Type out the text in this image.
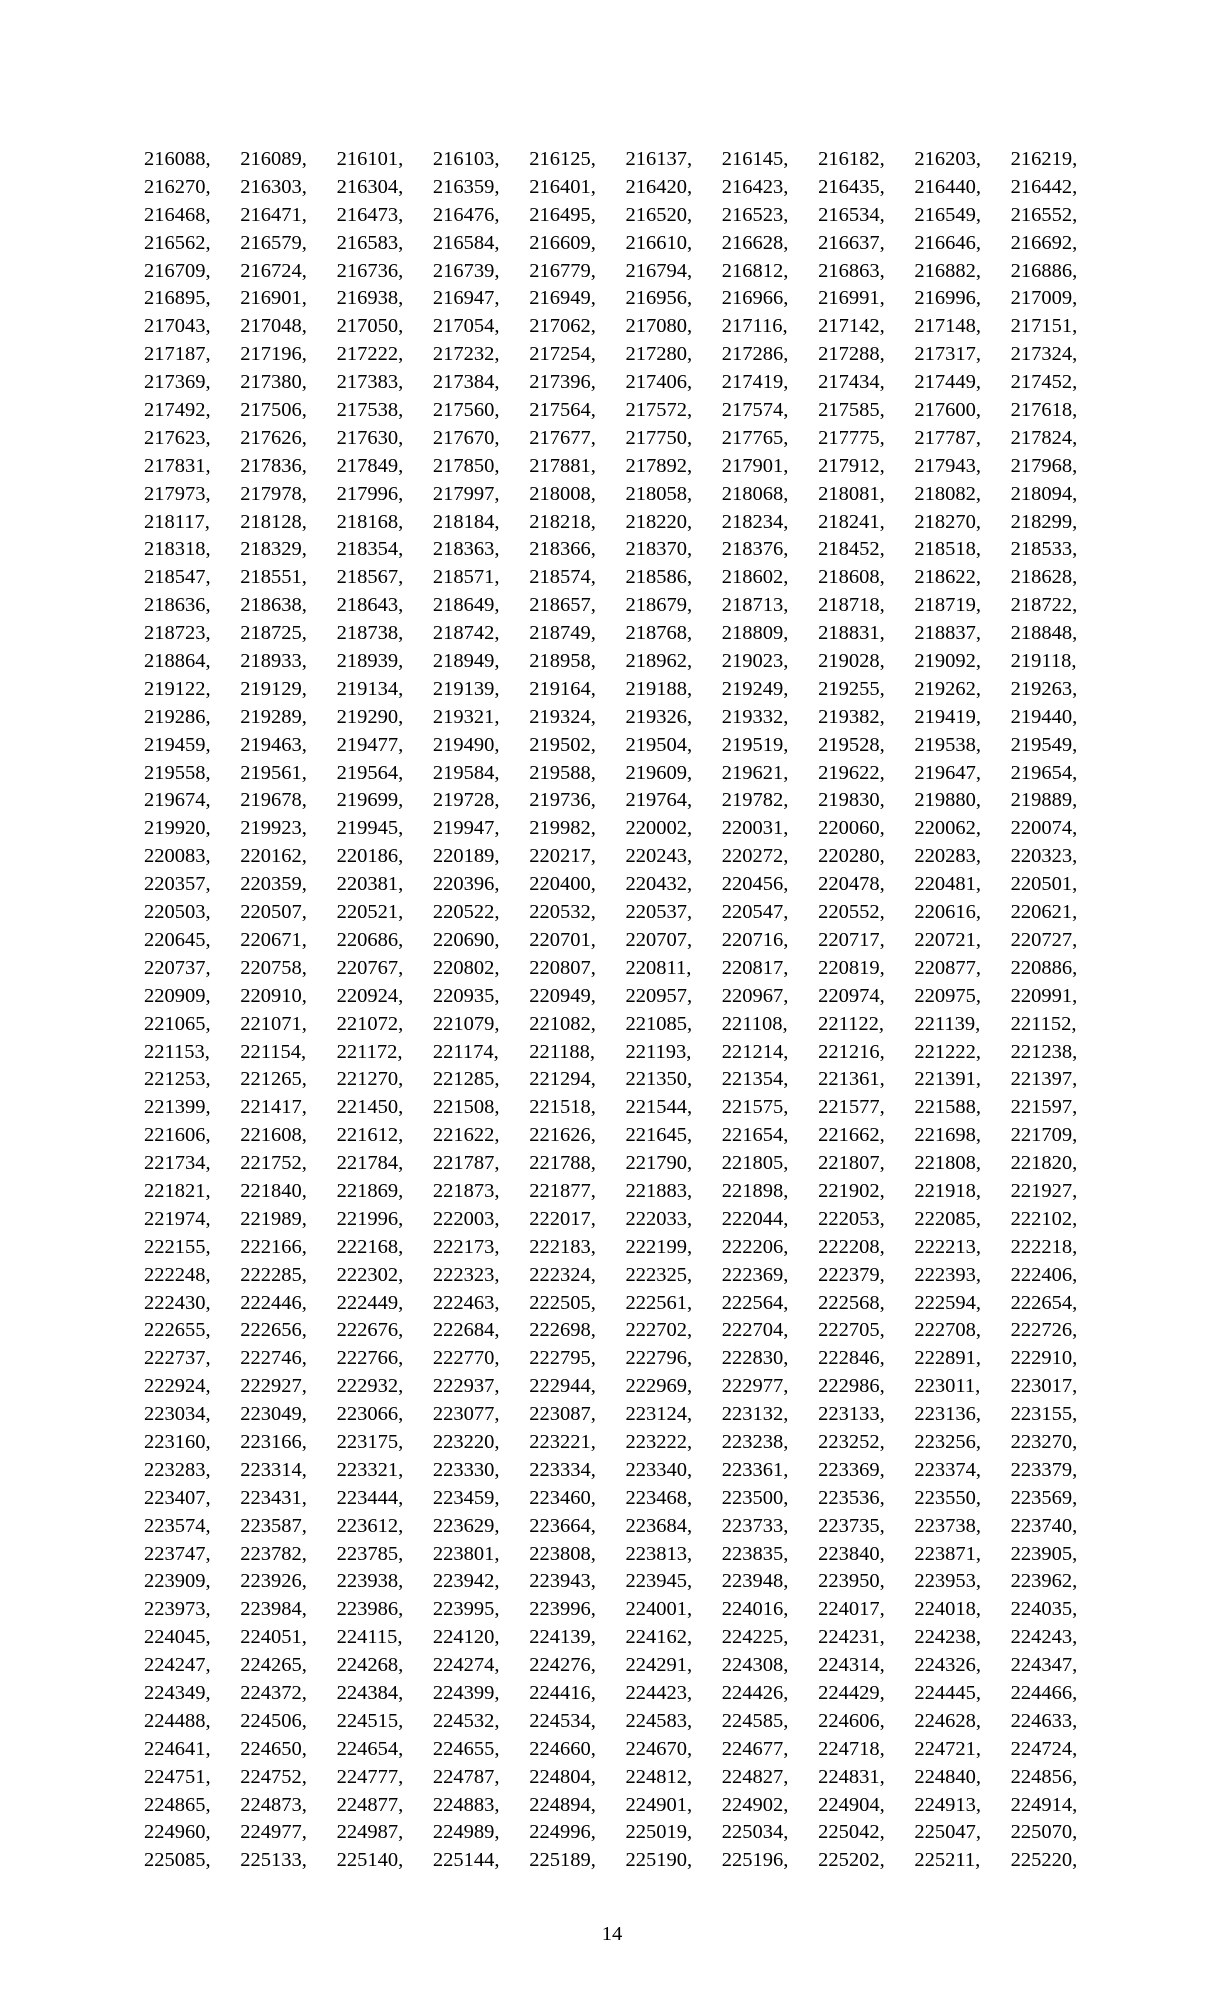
216088,	216089,	216101,	216103,	216125,	216137,	216145,	216182,	216203,	216219,
216270,	216303,	216304,	216359,	216401,	216420,	216423,	216435,	216440,	216442,
216468,	216471,	216473,	216476,	216495,	216520,	216523,	216534,	216549,	216552,
216562,	216579,	216583,	216584,	216609,	216610,	216628,	216637,	216646,	216692,
216709,	216724,	216736,	216739,	216779,	216794,	216812,	216863,	216882,	216886,
216895,	216901,	216938,	216947,	216949,	216956,	216966,	216991,	216996,	217009,
217043,	217048,	217050,	217054,	217062,	217080,	217116,	217142,	217148,	217151,
217187,	217196,	217222,	217232,	217254,	217280,	217286,	217288,	217317,	217324,
217369,	217380,	217383,	217384,	217396,	217406,	217419,	217434,	217449,	217452,
217492,	217506,	217538,	217560,	217564,	217572,	217574,	217585,	217600,	217618,
217623,	217626,	217630,	217670,	217677,	217750,	217765,	217775,	217787,	217824,
217831,	217836,	217849,	217850,	217881,	217892,	217901,	217912,	217943,	217968,
217973,	217978,	217996,	217997,	218008,	218058,	218068,	218081,	218082,	218094,
218117,	218128,	218168,	218184,	218218,	218220,	218234,	218241,	218270,	218299,
218318,	218329,	218354,	218363,	218366,	218370,	218376,	218452,	218518,	218533,
218547,	218551,	218567,	218571,	218574,	218586,	218602,	218608,	218622,	218628,
218636,	218638,	218643,	218649,	218657,	218679,	218713,	218718,	218719,	218722,
218723,	218725,	218738,	218742,	218749,	218768,	218809,	218831,	218837,	218848,
218864,	218933,	218939,	218949,	218958,	218962,	219023,	219028,	219092,	219118,
219122,	219129,	219134,	219139,	219164,	219188,	219249,	219255,	219262,	219263,
219286,	219289,	219290,	219321,	219324,	219326,	219332,	219382,	219419,	219440,
219459,	219463,	219477,	219490,	219502,	219504,	219519,	219528,	219538,	219549,
219558,	219561,	219564,	219584,	219588,	219609,	219621,	219622,	219647,	219654,
219674,	219678,	219699,	219728,	219736,	219764,	219782,	219830,	219880,	219889,
219920,	219923,	219945,	219947,	219982,	220002,	220031,	220060,	220062,	220074,
220083,	220162,	220186,	220189,	220217,	220243,	220272,	220280,	220283,	220323,
220357,	220359,	220381,	220396,	220400,	220432,	220456,	220478,	220481,	220501,
220503,	220507,	220521,	220522,	220532,	220537,	220547,	220552,	220616,	220621,
220645,	220671,	220686,	220690,	220701,	220707,	220716,	220717,	220721,	220727,
220737,	220758,	220767,	220802,	220807,	220811,	220817,	220819,	220877,	220886,
220909,	220910,	220924,	220935,	220949,	220957,	220967,	220974,	220975,	220991,
221065,	221071,	221072,	221079,	221082,	221085,	221108,	221122,	221139,	221152,
221153,	221154,	221172,	221174,	221188,	221193,	221214,	221216,	221222,	221238,
221253,	221265,	221270,	221285,	221294,	221350,	221354,	221361,	221391,	221397,
221399,	221417,	221450,	221508,	221518,	221544,	221575,	221577,	221588,	221597,
221606,	221608,	221612,	221622,	221626,	221645,	221654,	221662,	221698,	221709,
221734,	221752,	221784,	221787,	221788,	221790,	221805,	221807,	221808,	221820,
221821,	221840,	221869,	221873,	221877,	221883,	221898,	221902,	221918,	221927,
221974,	221989,	221996,	222003,	222017,	222033,	222044,	222053,	222085,	222102,
222155,	222166,	222168,	222173,	222183,	222199,	222206,	222208,	222213,	222218,
222248,	222285,	222302,	222323,	222324,	222325,	222369,	222379,	222393,	222406,
222430,	222446,	222449,	222463,	222505,	222561,	222564,	222568,	222594,	222654,
222655,	222656,	222676,	222684,	222698,	222702,	222704,	222705,	222708,	222726,
222737,	222746,	222766,	222770,	222795,	222796,	222830,	222846,	222891,	222910,
222924,	222927,	222932,	222937,	222944,	222969,	222977,	222986,	223011,	223017,
223034,	223049,	223066,	223077,	223087,	223124,	223132,	223133,	223136,	223155,
223160,	223166,	223175,	223220,	223221,	223222,	223238,	223252,	223256,	223270,
223283,	223314,	223321,	223330,	223334,	223340,	223361,	223369,	223374,	223379,
223407,	223431,	223444,	223459,	223460,	223468,	223500,	223536,	223550,	223569,
223574,	223587,	223612,	223629,	223664,	223684,	223733,	223735,	223738,	223740,
223747,	223782,	223785,	223801,	223808,	223813,	223835,	223840,	223871,	223905,
223909,	223926,	223938,	223942,	223943,	223945,	223948,	223950,	223953,	223962,
223973,	223984,	223986,	223995,	223996,	224001,	224016,	224017,	224018,	224035,
224045,	224051,	224115,	224120,	224139,	224162,	224225,	224231,	224238,	224243,
224247,	224265,	224268,	224274,	224276,	224291,	224308,	224314,	224326,	224347,
224349,	224372,	224384,	224399,	224416,	224423,	224426,	224429,	224445,	224466,
224488,	224506,	224515,	224532,	224534,	224583,	224585,	224606,	224628,	224633,
224641,	224650,	224654,	224655,	224660,	224670,	224677,	224718,	224721,	224724,
224751,	224752,	224777,	224787,	224804,	224812,	224827,	224831,	224840,	224856,
224865,	224873,	224877,	224883,	224894,	224901,	224902,	224904,	224913,	224914,
224960,	224977,	224987,	224989,	224996,	225019,	225034,	225042,	225047,	225070,
225085,	225133,	225140,	225144,	225189,	225190,	225196,	225202,	225211,	225220,
14
